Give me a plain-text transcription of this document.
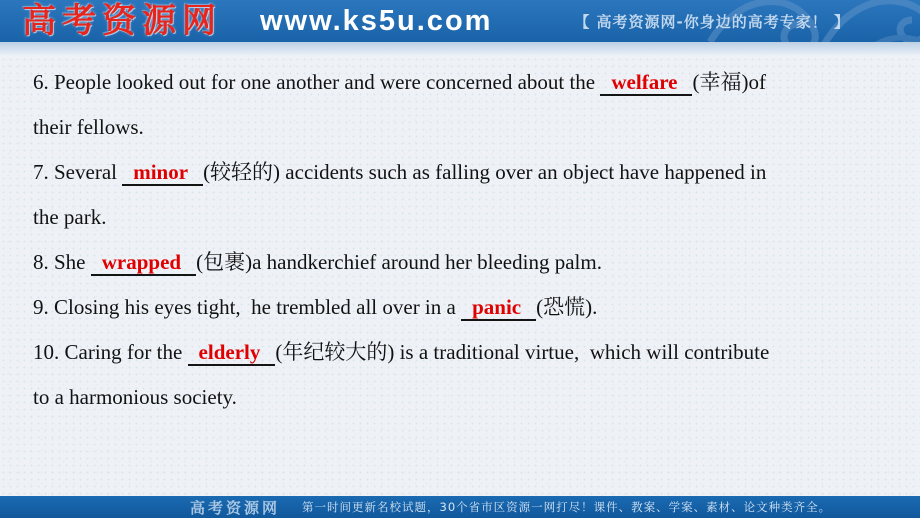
高考资源网 www.ks5u.com	【 高考资源网-你身边的高考专家！ 】
6. People looked out for one another and were concerned about the welfare (幸福)of
their fellows.
7. Several minor (较轻的) accidents such as falling over an object have happened in
the park.
8. She wrapped (包裹)a handkerchief around her bleeding palm.
9. Closing his eyes tight,  he trembled all over in a panic (恐慌).
10. Caring for the elderly (年纪较大的) is a traditional virtue,  which will contribute
to a harmonious society.
高考资源网 第一时间更新名校试题，30个省市区资源一网打尽！课件、教案、学案、素材、论文种类齐全。
